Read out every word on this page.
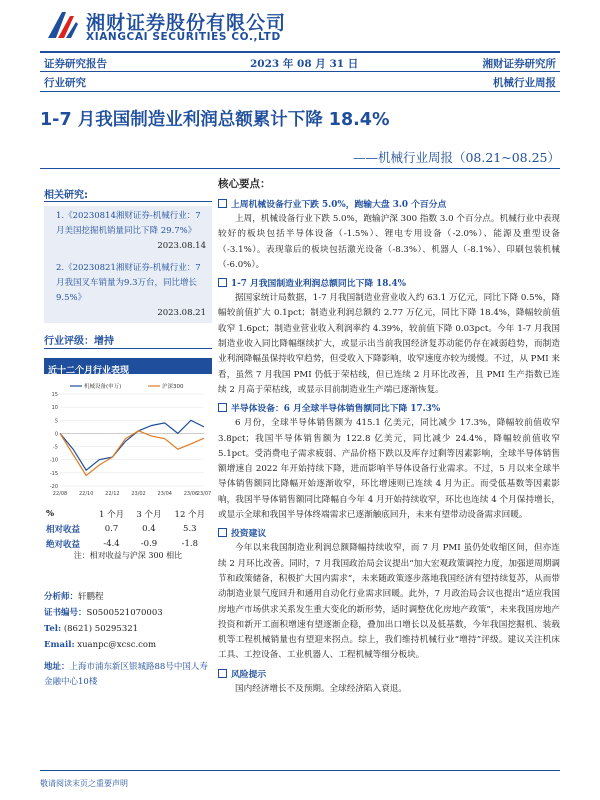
湘财证券股份有限公司
XIANGCAI SECURITIES CO.,LTD
证券研究报告	2023 年 08 月 31 日	湘财证券研究所
行业研究	机械行业周报
1-7 月我国制造业利润总额累计下降 18.4%
——机械行业周报（08.21~08.25）
相关研究:
1.《20230814湘财证券-机械行业：7 月美国挖掘机销量同比下降 29.7%》
2023.08.14
2.《20230821湘财证券-机械行业：7 月我国叉车销量为9.3万台，同比增长9.5%》
2023.08.21
行业评级：增持
近十二个月行业表现
15
10
5
0
-5
-10
-15
-20
22/08 22/10 22/12 23/02 23/04 23/06
23/07
机械设备(申万)	沪深300
%	1 个月	3 个月	12 个月
相对收益	0.7	0.4	5.3
绝对收益	-4.4	-0.9	-1.8
注：相对收益与沪深 300 相比
分析师：轩鹏程
证书编号：S0500521070003
Tel: (8621) 50295321
Email: xuanpc@xcsc.com
地址：上海市浦东新区银城路88号中国人寿金融中心10楼
核心要点：
上周机械设备行业下跌 5.0%，跑输大盘 3.0 个百分点

上周，机械设备行业下跌 5.0%，跑输沪深 300 指数 3.0 个百分点。机械行业中表现较好的板块包括半导体设备（-1.5%）、锂电专用设备（-2.0%）、能源及重型设备（-3.1%）。表现靠后的板块包括激光设备（-8.3%）、机器人（-8.1%）、印刷包装机械（-6.0%）。

1-7 月我国制造业利润总额同比下降 18.4%

据国家统计局数据，1-7 月我国制造业营业收入约 63.1 万亿元，同比下降 0.5%，降幅较前值扩大 0.1pct；制造业利润总额约 2.77 万亿元，同比下降 18.4%，降幅较前值收窄 1.6pct；制造业营业收入利润率约 4.39%，较前值下降 0.03pct。今年 1-7 月我国制造业收入同比降幅继续扩大，或显示出当前我国经济复苏动能仍存在减弱趋势，而制造业利润降幅虽保持收窄趋势，但受收入下降影响，收窄速度亦较为缓慢。不过，从 PMI 来看，虽然 7 月我国 PMI 仍低于荣枯线，但已连续 2 月环比改善，且 PMI 生产指数已连续 2 月高于荣枯线，或显示目前制造业生产端已逐渐恢复。

半导体设备：6 月全球半导体销售额同比下降 17.3%

6 月份，全球半导体销售额为 415.1 亿美元，同比减少 17.3%，降幅较前值收窄 3.8pct；我国半导体销售额为 122.8 亿美元，同比减少 24.4%，降幅较前值收窄 5.1pct。受消费电子需求疲弱、产品价格下跌以及库存过剩等因素影响，全球半导体销售额增速自 2022 年开始持续下降，进而影响半导体设备行业需求。不过，5 月以来全球半导体销售额同比降幅开始逐渐收窄，环比增速则已连续 4 月为正。而受低基数等因素影响，我国半导体销售额同比降幅自今年 4 月开始持续收窄，环比也连续 4 个月保持增长，或显示全球和我国半导体终端需求已逐渐触底回升，未来有望带动设备需求回暖。

投资建议

今年以来我国制造业利润总额降幅持续收窄，而 7 月 PMI 虽仍处收缩区间，但亦连续 2 月环比改善。同时，7 月我国政治局会议提出“加大宏观政策调控力度，加强逆周期调节和政策储备，积极扩大国内需求”，未来随政策逐步落地我国经济有望持续复苏，从而带动制造业景气度回升和通用自动化行业需求回暖。此外，7 月政治局会议也提出“适应我国房地产市场供求关系发生重大变化的新形势，适时调整优化房地产政策”，未来我国房地产投资和新开工面积增速有望逐渐企稳，叠加出口增长以及低基数，今年我国挖掘机、装载机等工程机械销量也有望迎来拐点。综上，我们维持机械行业“增持”评级。建议关注机床工具、工控设备、工业机器人、工程机械等细分板块。

风险提示

国内经济增长不及预期。全球经济陷入衰退。

敬请阅读末页之重要声明
